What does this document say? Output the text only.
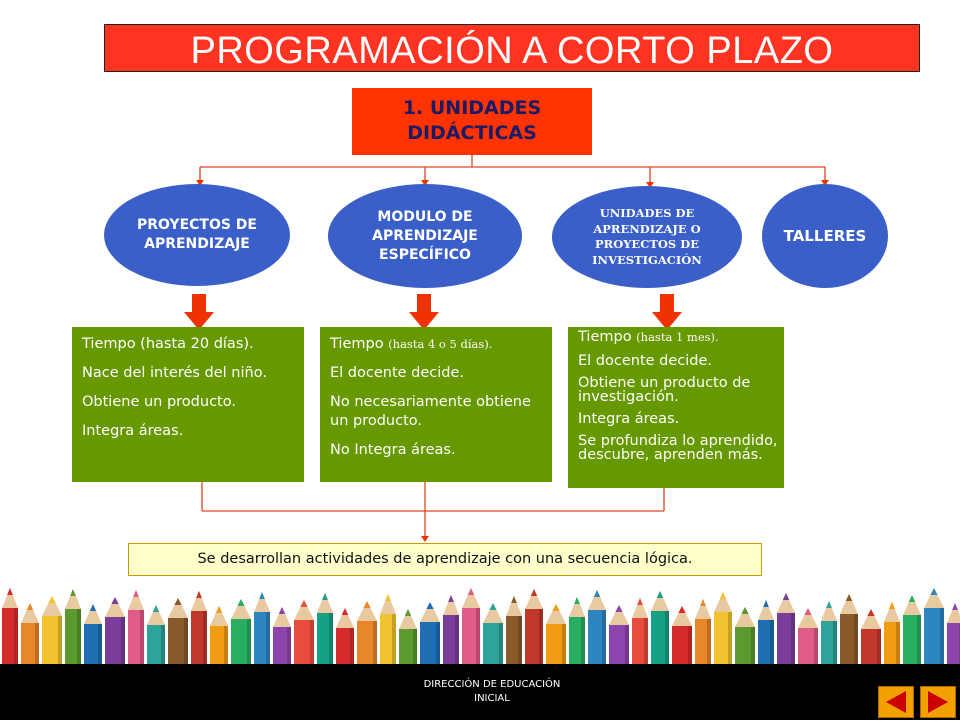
PROGRAMACIÓN A CORTO PLAZO
1. UNIDADES
DIDÁCTICAS
PROYECTOS DE
APRENDIZAJE
MODULO DE
APRENDIZAJE
ESPECÍFICO
UNIDADES DE
APRENDIZAJE O
PROYECTOS DE
INVESTIGACIÓN
TALLERES

Tiempo (hasta 20 días).

Nace del interés del niño.

Obtiene un producto.

Integra áreas.

Tiempo (hasta 4 o 5 días).

El docente decide.

No necesariamente obtiene un producto.

No Integra áreas.

Tiempo (hasta 1 mes).

El docente decide.

Obtiene un producto de investigación.

Integra áreas.

Se profundiza lo aprendido, descubre, aprenden más.

Se desarrollan actividades de aprendizaje con una secuencia lógica.
DIRECCIÓN DE EDUCACIÓN
INICIAL
